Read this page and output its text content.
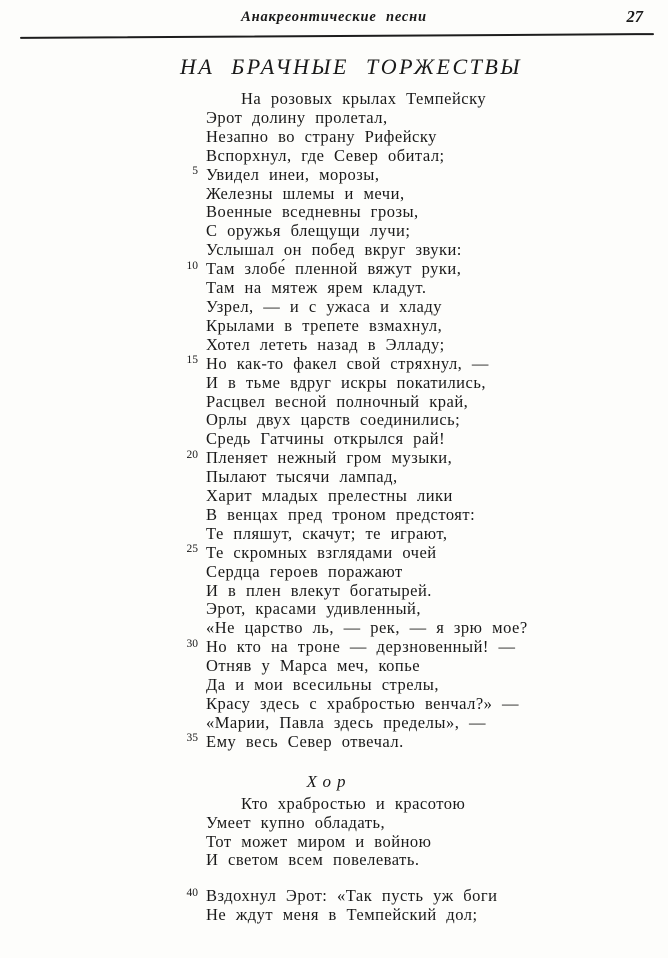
Анакреонтические песни	27
НА БРАЧНЫЕ ТОРЖЕСТВЫ
На розовых крылах Темпейску
Эрот долину пролетал,
Незапно во страну Рифейску
Вспорхнул, где Север обитал;
5 Увидел инеи, морозы,
Железны шлемы и мечи,
Военные вседневны грозы,
С оружья блещущи лучи;
Услышал он побед вкруг звуки:
10 Там злобе́ пленной вяжут руки,
Там на мятеж ярем кладут.
Узрел, — и с ужаса и хладу
Крылами в трепете взмахнул,
Хотел лететь назад в Элладу;
15 Но как-то факел свой стряхнул, —
И в тьме вдруг искры покатились,
Расцвел весной полночный край,
Орлы двух царств соединились;
Средь Гатчины открылся рай!
20 Пленяет нежный гром музыки,
Пылают тысячи лампад,
Харит младых прелестны лики
В венцах пред троном предстоят:
Те пляшут, скачут; те играют,
25 Те скромных взглядами очей
Сердца героев поражают
И в плен влекут богатырей.
Эрот, красами удивленный,
«Не царство ль, — рек, — я зрю мое?
30 Но кто на троне — дерзновенный! —
Отняв у Марса меч, копье
Да и мои всесильны стрелы,
Красу здесь с храбростью венчал?» —
«Марии, Павла здесь пределы», —
35 Ему весь Север отвечал.
Хор
Кто храбростью и красотою
Умеет купно обладать,
Тот может миром и войною
И светом всем повелевать.
40 Вздохнул Эрот: «Так пусть уж боги
Не ждут меня в Темпейский дол;
